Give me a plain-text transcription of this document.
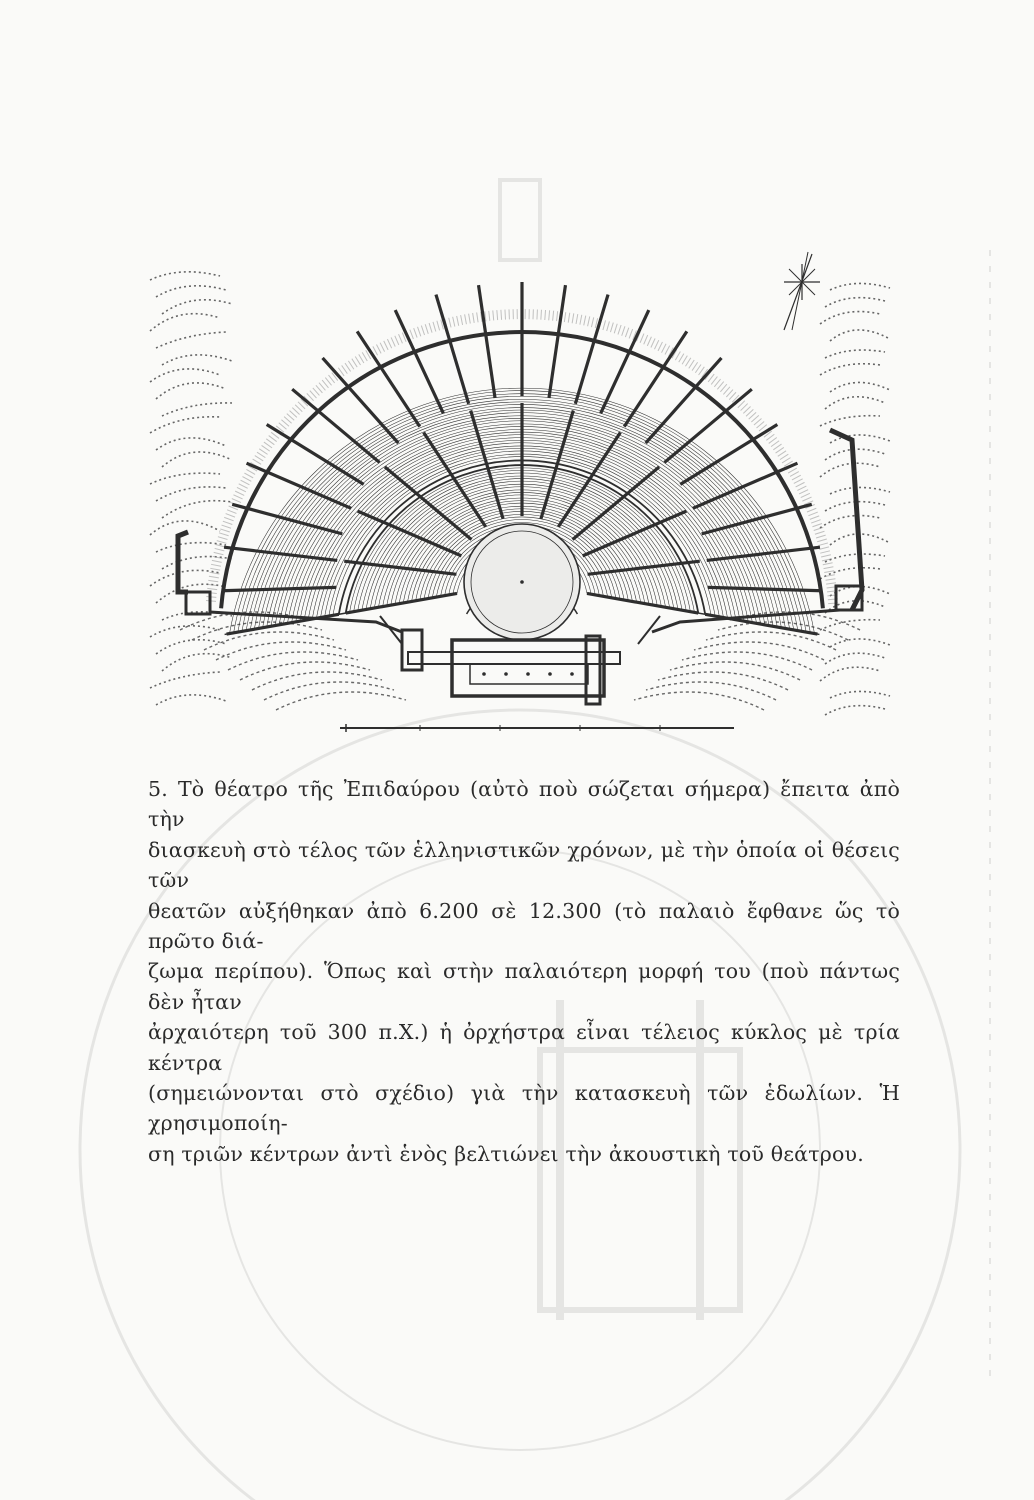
5. Τὸ θέατρο τῆς Ἐπιδαύρου (αὐτὸ ποὺ σώζεται σήμερα) ἔπειτα ἀπὸ τὴν

διασκευὴ στὸ τέλος τῶν ἑλληνιστικῶν χρόνων, μὲ τὴν ὁποία οἱ θέσεις τῶν

θεατῶν αὐξήθηκαν ἀπὸ 6.200 σὲ 12.300 (τὸ παλαιὸ ἔφθανε ὥς τὸ πρῶτο διά-

ζωμα περίπου). Ὅπως καὶ στὴν παλαιότερη μορφή του (ποὺ πάντως δὲν ἦταν

ἀρχαιότερη τοῦ 300 π.Χ.) ἡ ὀρχήστρα εἶναι τέλειος κύκλος μὲ τρία κέντρα

(σημειώνονται στὸ σχέδιο) γιὰ τὴν κατασκευὴ τῶν ἑδωλίων. Ἡ χρησιμοποίη-

ση τριῶν κέντρων ἀντὶ ἑνὸς βελτιώνει τὴν ἀκουστικὴ τοῦ θεάτρου.
